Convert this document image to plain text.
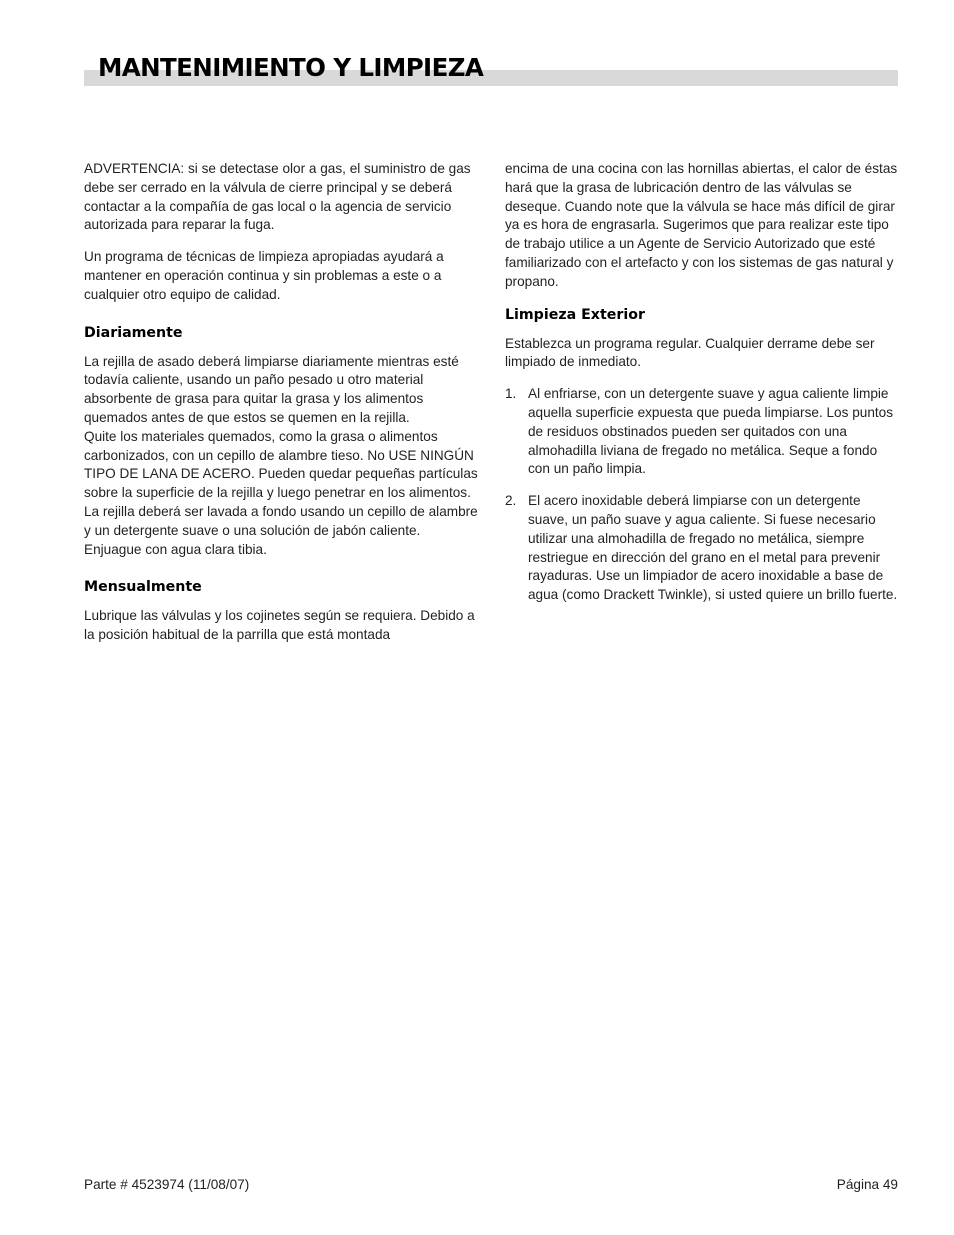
MANTENIMIENTO Y LIMPIEZA

ADVERTENCIA: si se detectase olor a gas, el suministro de gas debe ser cerrado en la válvula de cierre principal y se deberá contactar a la compañía de gas local o la agencia de servicio autorizada para reparar la fuga.

Un programa de técnicas de limpieza apropiadas ayudará a mantener en operación continua y sin problemas a este o a cualquier otro equipo de calidad.

Diariamente

La rejilla de asado deberá limpiarse diariamente mientras esté todavía caliente, usando un paño pesado u otro material absorbente de grasa para quitar la grasa y los alimentos quemados antes de que estos se quemen en la rejilla.

Quite los materiales quemados, como la grasa o alimentos carbonizados, con un cepillo de alambre tieso. No USE NINGÚN TIPO DE LANA DE ACERO. Pueden quedar pequeñas partículas sobre la superficie de la rejilla y luego penetrar en los alimentos. La rejilla deberá ser lavada a fondo usando un cepillo de alambre y un detergente suave o una solución de jabón caliente. Enjuague con agua clara tibia.

Mensualmente

Lubrique las válvulas y los cojinetes según se requiera. Debido a la posición habitual de la parrilla que está montada

encima de una cocina con las hornillas abiertas, el calor de éstas hará que la grasa de lubricación dentro de las válvulas se deseque. Cuando note que la válvula se hace más difícil de girar ya es hora de engrasarla. Sugerimos que para realizar este tipo de trabajo utilice a un Agente de Servicio Autorizado que esté familiarizado con el artefacto y con los sistemas de gas natural y propano.

Limpieza Exterior

Establezca un programa regular. Cualquier derrame debe ser limpiado de inmediato.

1. Al enfriarse, con un detergente suave y agua caliente limpie aquella superficie expuesta que pueda limpiarse. Los puntos de residuos obstinados pueden ser quitados con una almohadilla liviana de fregado no metálica. Seque a fondo con un paño limpia.
2. El acero inoxidable deberá limpiarse con un detergente suave, un paño suave y agua caliente. Si fuese necesario utilizar una almohadilla de fregado no metálica, siempre restriegue en dirección del grano en el metal para prevenir rayaduras. Use un limpiador de acero inoxidable a base de agua (como Drackett Twinkle), si usted quiere un brillo fuerte.
Parte # 4523974 (11/08/07)	Página 49
